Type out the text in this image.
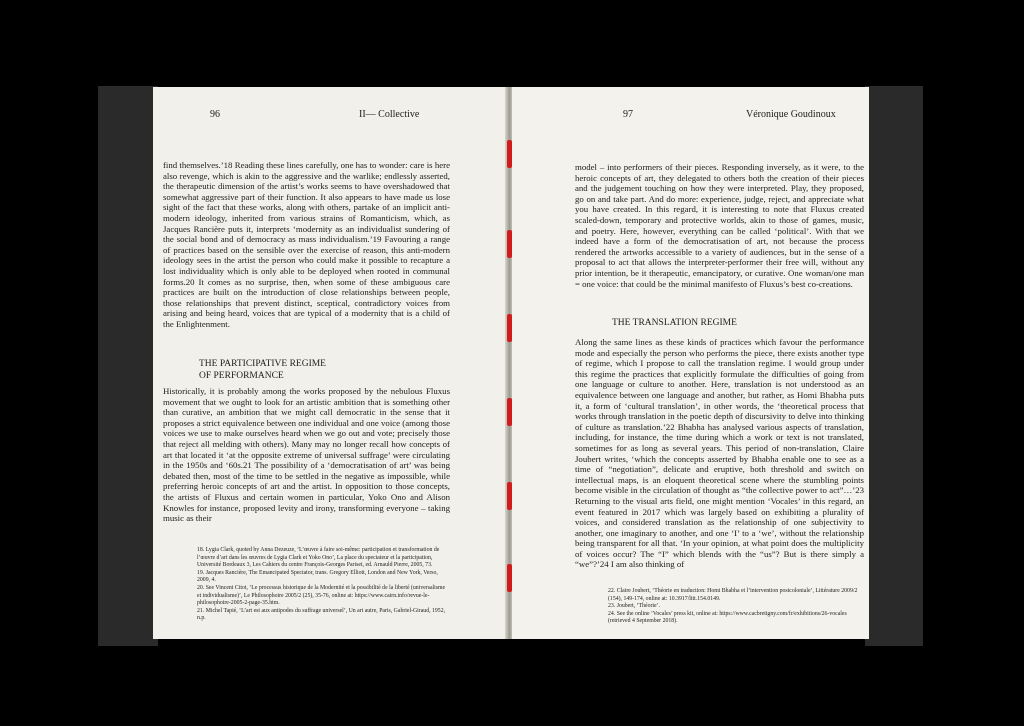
96	II— Collective

find themselves.’18 Reading these lines carefully, one has to wonder: care is here also revenge, which is akin to the aggressive and the warlike; endlessly asserted, the therapeutic dimension of the artist’s works seems to have overshadowed that somewhat aggressive part of their function. It also appears to have made us lose sight of the fact that these works, along with others, partake of an implicit anti-modern ideology, inherited from various strains of Romanticism, which, as Jacques Rancière puts it, interprets ‘modernity as an individualist sundering of the social bond and of democracy as mass individualism.’19 Favouring a range of practices based on the sensible over the exercise of reason, this anti-modern ideology sees in the artist the person who could make it possible to recapture a lost individuality which is only able to be deployed when rooted in communal forms.20 It comes as no surprise, then, when some of these ambiguous care practices are built on the introduction of close relationships between people, those relationships that prevent distinct, sceptical, contradictory voices from arising and being heard, voices that are typical of a modernity that is a child of the Enlightenment.

THE PARTICIPATIVE REGIME
OF PERFORMANCE

Historically, it is probably among the works proposed by the nebulous Fluxus movement that we ought to look for an artistic ambition that is something other than curative, an ambition that we might call democratic in the sense that it proposes a strict equivalence between one individual and one voice (among those voices we use to make ourselves heard when we go out and vote; precisely those that reject all melding with others). Many may no longer recall how concepts of art that located it ‘at the opposite extreme of universal suffrage’ were circulating in the 1950s and ‘60s.21 The possibility of a ‘democratisation of art’ was being debated then, most of the time to be settled in the negative as impossible, while preferring heroic concepts of art and the artist. In opposition to those concepts, the artists of Fluxus and certain women in particular, Yoko Ono and Alison Knowles for instance, proposed levity and irony, transforming everyone – taking music as their

18. Lygia Clark, quoted by Anna Dezeuze, ‘L’œuvre à faire soi-même: participation et transformation de l’œuvre d’art dans les œuvres de Lygia Clark et Yoko Ono’, La place du spectateur et la participation, Université Bordeaux 3, Les Cahiers du centre François-Georges Pariset, ed. Arnauld Pierre, 2005, 73.

19. Jacques Rancière, The Emancipated Spectator, trans. Gregory Elliott, London and New York, Verso, 2009, 4.

20. See Vincent Citot, ‘Le processus historique de la Modernité et la possibilité de la liberté (universalisme et individualisme)’, Le Philosophoire 2005/2 (25), 35-76, online at: https://www.cairn.info/revue-le-philosophoire-2005-2-page-35.htm.

21. Michel Tapié, ‘L’art est aux antipodes du suffrage universel’, Un art autre, Paris, Gabriel-Giraud, 1952, n.p.

97	Véronique Goudinoux

model – into performers of their pieces. Responding inversely, as it were, to the heroic concepts of art, they delegated to others both the creation of their pieces and the judgement touching on how they were interpreted. Play, they proposed, go on and take part. And do more: experience, judge, reject, and appreciate what you have created. In this regard, it is interesting to note that Fluxus created scaled-down, temporary and protective worlds, akin to those of games, music, and poetry. Here, however, everything can be called ‘political’. With that we indeed have a form of the democratisation of art, not because the process rendered the artworks accessible to a variety of audiences, but in the sense of a proposal to act that allows the interpreter-performer their free will, without any prior intention, be it therapeutic, emancipatory, or curative. One woman/one man = one voice: that could be the minimal manifesto of Fluxus’s best co-creations.

THE TRANSLATION REGIME

Along the same lines as these kinds of practices which favour the performance mode and especially the person who performs the piece, there exists another type of regime, which I propose to call the translation regime. I would group under this regime the practices that explicitly formulate the difficulties of going from one language or culture to another. Here, translation is not understood as an equivalence between one language and another, but rather, as Homi Bhabha puts it, a form of ‘cultural translation’, in other words, the ‘theoretical process that works through translation in the poetic depth of discursivity to delve into thinking of culture as translation.’22 Bhabha has analysed various aspects of translation, including, for instance, the time during which a work or text is not translated, sometimes for as long as several years. This period of non-translation, Claire Joubert writes, ‘which the concepts asserted by Bhabha enable one to see as a time of “negotiation”, delicate and eruptive, both threshold and switch on intellectual maps, is an eloquent theoretical scene where the stumbling points become visible in the circulation of thought as “the collective power to act”…’23 Returning to the visual arts field, one might mention ‘Vocales’ in this regard, an event featured in 2017 which was largely based on exhibiting a plurality of voices, and considered translation as the relationship of one subjectivity to another, one imaginary to another, and one ‘I’ to a ‘we’, without the relationship being transparent for all that. ‘In your opinion, at what point does the multiplicity of voices occur? The “I” which blends with the “us”? But is there simply a “we”?’24 I am also thinking of

22. Claire Joubert, ‘Théorie en traduction: Homi Bhabha et l’intervention postcoloniale’, Littérature 2009/2 (154), 149-174, online at: 10.3917/litt.154.0149.

23. Joubert, ‘Théorie’.

24. See the online ‘Vocales’ press kit, online at: https://www.cacbretigny.com/fr/exhibitions/26-vocales (retrieved 4 September 2018).
